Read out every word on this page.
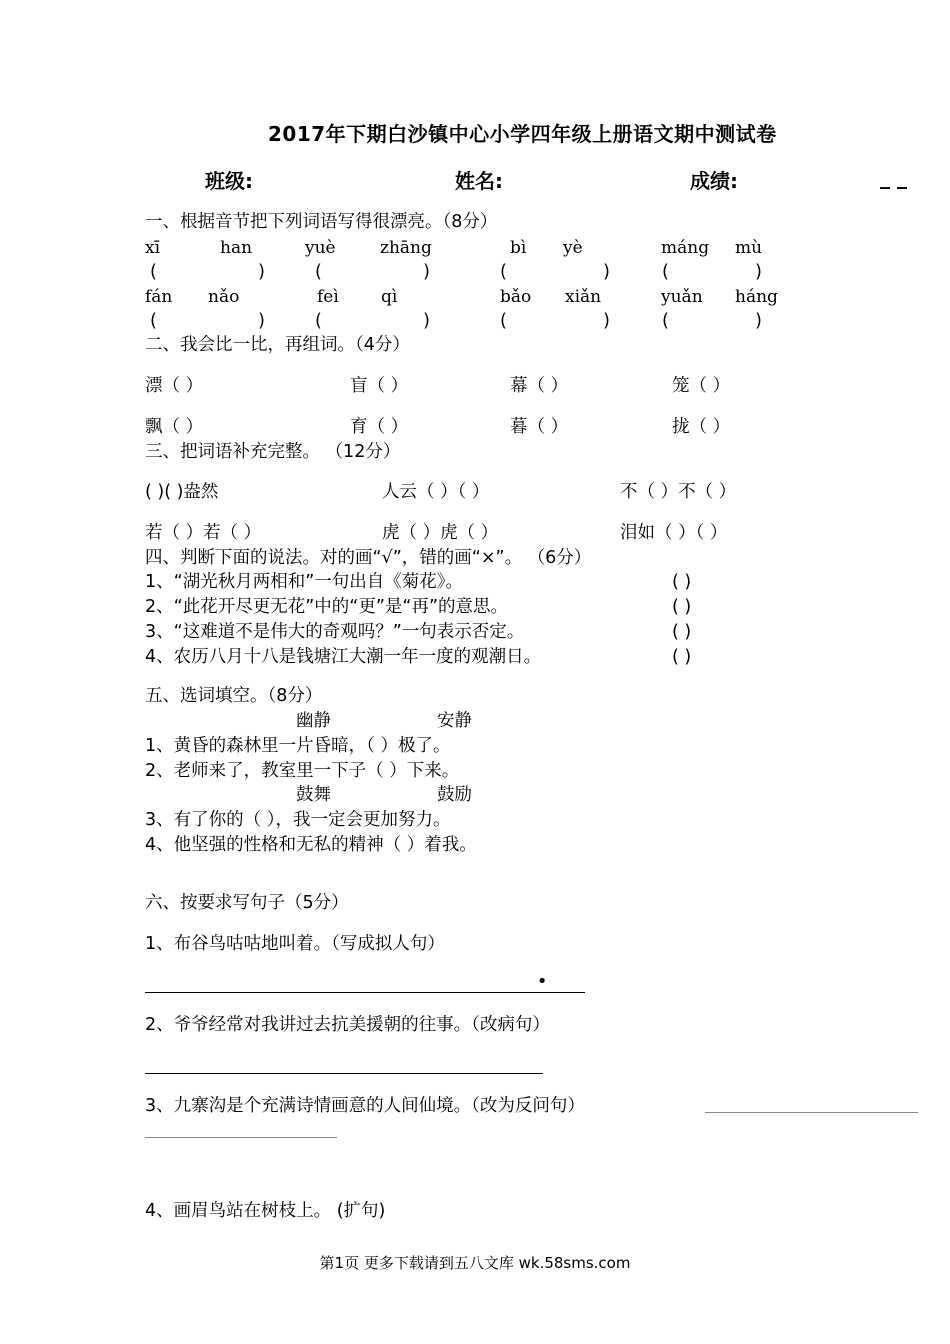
2017年下期白沙镇中心小学四年级上册语文期中测试卷
班级:	姓名:	成绩:	_ _
一、根据音节把下列词语写得很漂亮。（8分）
xī	han	yuè	zhāng	bì yè	máng mù
(	)	(	)	(	)	(	)
fán nǎo	feì qì	bǎo xiǎn	yuǎn háng
(	)	(	)	(	)	(	)
二、我会比一比，再组词。（4分）
漂（ ）	盲（ ）	幕（ ）	笼（ ）
飘（ ）	育（ ）	暮（ ）	拢（ ）
三、把词语补充完整。 （12分）
( )( )盎然	人云（ ）（ ）	不（ ）不（ ）
若（ ）若（ ）	虎（ ）虎（ ）	泪如（ ）（ ）
四、判断下面的说法。对的画“√”，错的画“×”。 （6分）
1、“湖光秋月两相和”一句出自《菊花》。	( )
2、“此花开尽更无花”中的“更”是“再”的意思。	( )
3、“这难道不是伟大的奇观吗？”一句表示否定。	( )
4、农历八月十八是钱塘江大潮一年一度的观潮日。	( )
五、选词填空。（8分）
幽静	安静
1、黄昏的森林里一片昏暗，（ ）极了。
2、老师来了，教室里一下子（ ）下来。
鼓舞	鼓励
3、有了你的（ ），我一定会更加努力。
4、他坚强的性格和无私的精神（ ）着我。
六、按要求写句子（5分）
1、布谷鸟咕咕地叫着。（写成拟人句）
•
2、爷爷经常对我讲过去抗美援朝的往事。（改病句）
3、九寨沟是个充满诗情画意的人间仙境。（改为反问句）
4、画眉鸟站在树枝上。 (扩句)
第1页 更多下载请到五八文库 wk.58sms.com
